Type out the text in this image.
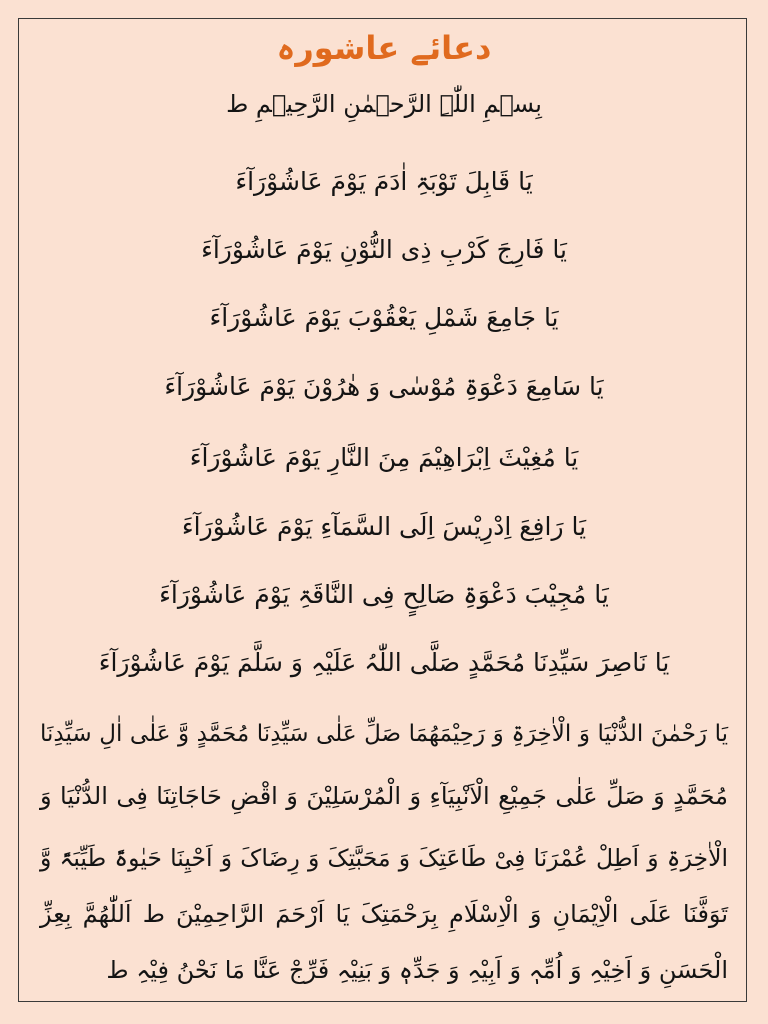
دعائے عاشورہ
بِسۡمِ اللّٰہِ الرَّحۡمٰنِ الرَّحِیۡمِ ط
یَا قَابِلَ تَوْبَۃِ اٰدَمَ یَوْمَ عَاشُوْرَآءَ
یَا فَارِجَ کَرْبِ ذِی النُّوْنِ یَوْمَ عَاشُوْرَآءَ
یَا جَامِعَ شَمْلِ یَعْقُوْبَ یَوْمَ عَاشُوْرَآءَ
یَا سَامِعَ دَعْوَۃِ مُوْسٰی وَ ھٰرُوْنَ یَوْمَ عَاشُوْرَآءَ
یَا مُغِیْثَ اِبْرَاھِیْمَ مِنَ النَّارِ یَوْمَ عَاشُوْرَآءَ
یَا رَافِعَ اِدْرِیْسَ اِلَی السَّمَآءِ یَوْمَ عَاشُوْرَآءَ
یَا مُجِیْبَ دَعْوَۃِ صَالِحٍ فِی النَّاقَۃِ یَوْمَ عَاشُوْرَآءَ
یَا نَاصِرَ سَیِّدِنَا مُحَمَّدٍ صَلَّی اللّٰہُ عَلَیْہِ وَ سَلَّمَ یَوْمَ عَاشُوْرَآءَ
یَا رَحْمٰنَ الدُّنْیَا وَ الْاٰخِرَۃِ وَ رَحِیْمَھُمَا صَلِّ عَلٰی سَیِّدِنَا مُحَمَّدٍ وَّ عَلٰی اٰلِ سَیِّدِنَا
مُحَمَّدٍ وَ صَلِّ عَلٰی جَمِیْعِ الْاَنْبِیَآءِ وَ الْمُرْسَلِیْنَ وَ اقْضِ حَاجَاتِنَا فِی الدُّنْیَا وَ
الْاٰخِرَۃِ وَ اَطِلْ عُمْرَنَا فِیْ طَاعَتِکَ وَ مَحَبَّتِکَ وَ رِضَاکَ وَ اَحْیِنَا حَیٰوۃً طَیِّبَۃً وَّ
تَوَفَّنَا عَلَی الْاِیْمَانِ وَ الْاِسْلَامِ بِرَحْمَتِکَ یَا اَرْحَمَ الرَّاحِمِیْنَ ط اَللّٰھُمَّ بِعِزِّ
الْحَسَنِ وَ اَخِیْہِ وَ اُمِّہٖ وَ اَبِیْہِ وَ جَدِّہٖ وَ بَنِیْہِ فَرِّجْ عَنَّا مَا نَحْنُ فِیْہِ ط
